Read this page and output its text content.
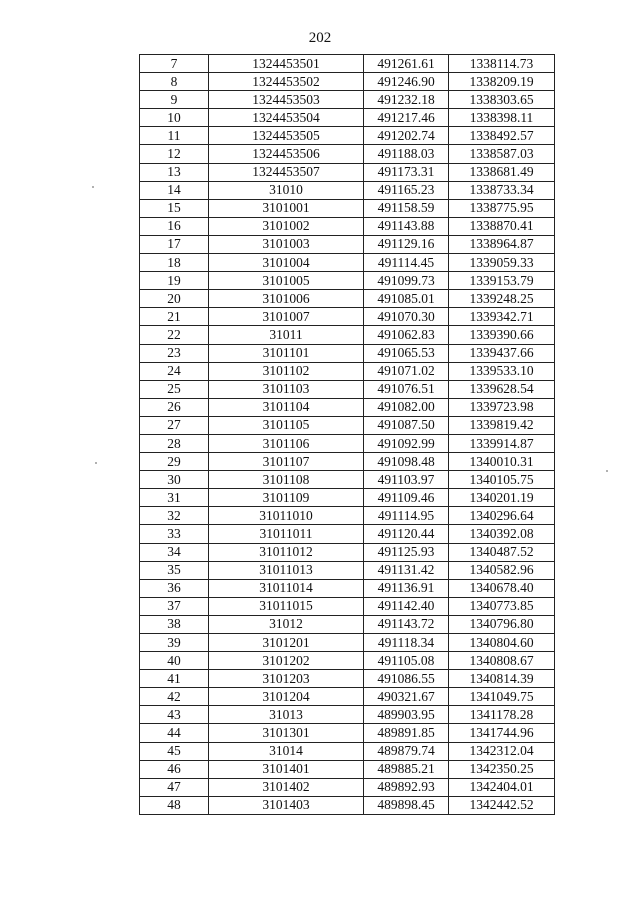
202
7	1324453501	491261.61	1338114.73
8	1324453502	491246.90	1338209.19
9	1324453503	491232.18	1338303.65
10	1324453504	491217.46	1338398.11
11	1324453505	491202.74	1338492.57
12	1324453506	491188.03	1338587.03
13	1324453507	491173.31	1338681.49
14	31010	491165.23	1338733.34
15	3101001	491158.59	1338775.95
16	3101002	491143.88	1338870.41
17	3101003	491129.16	1338964.87
18	3101004	491114.45	1339059.33
19	3101005	491099.73	1339153.79
20	3101006	491085.01	1339248.25
21	3101007	491070.30	1339342.71
22	31011	491062.83	1339390.66
23	3101101	491065.53	1339437.66
24	3101102	491071.02	1339533.10
25	3101103	491076.51	1339628.54
26	3101104	491082.00	1339723.98
27	3101105	491087.50	1339819.42
28	3101106	491092.99	1339914.87
29	3101107	491098.48	1340010.31
30	3101108	491103.97	1340105.75
31	3101109	491109.46	1340201.19
32	31011010	491114.95	1340296.64
33	31011011	491120.44	1340392.08
34	31011012	491125.93	1340487.52
35	31011013	491131.42	1340582.96
36	31011014	491136.91	1340678.40
37	31011015	491142.40	1340773.85
38	31012	491143.72	1340796.80
39	3101201	491118.34	1340804.60
40	3101202	491105.08	1340808.67
41	3101203	491086.55	1340814.39
42	3101204	490321.67	1341049.75
43	31013	489903.95	1341178.28
44	3101301	489891.85	1341744.96
45	31014	489879.74	1342312.04
46	3101401	489885.21	1342350.25
47	3101402	489892.93	1342404.01
48	3101403	489898.45	1342442.52
